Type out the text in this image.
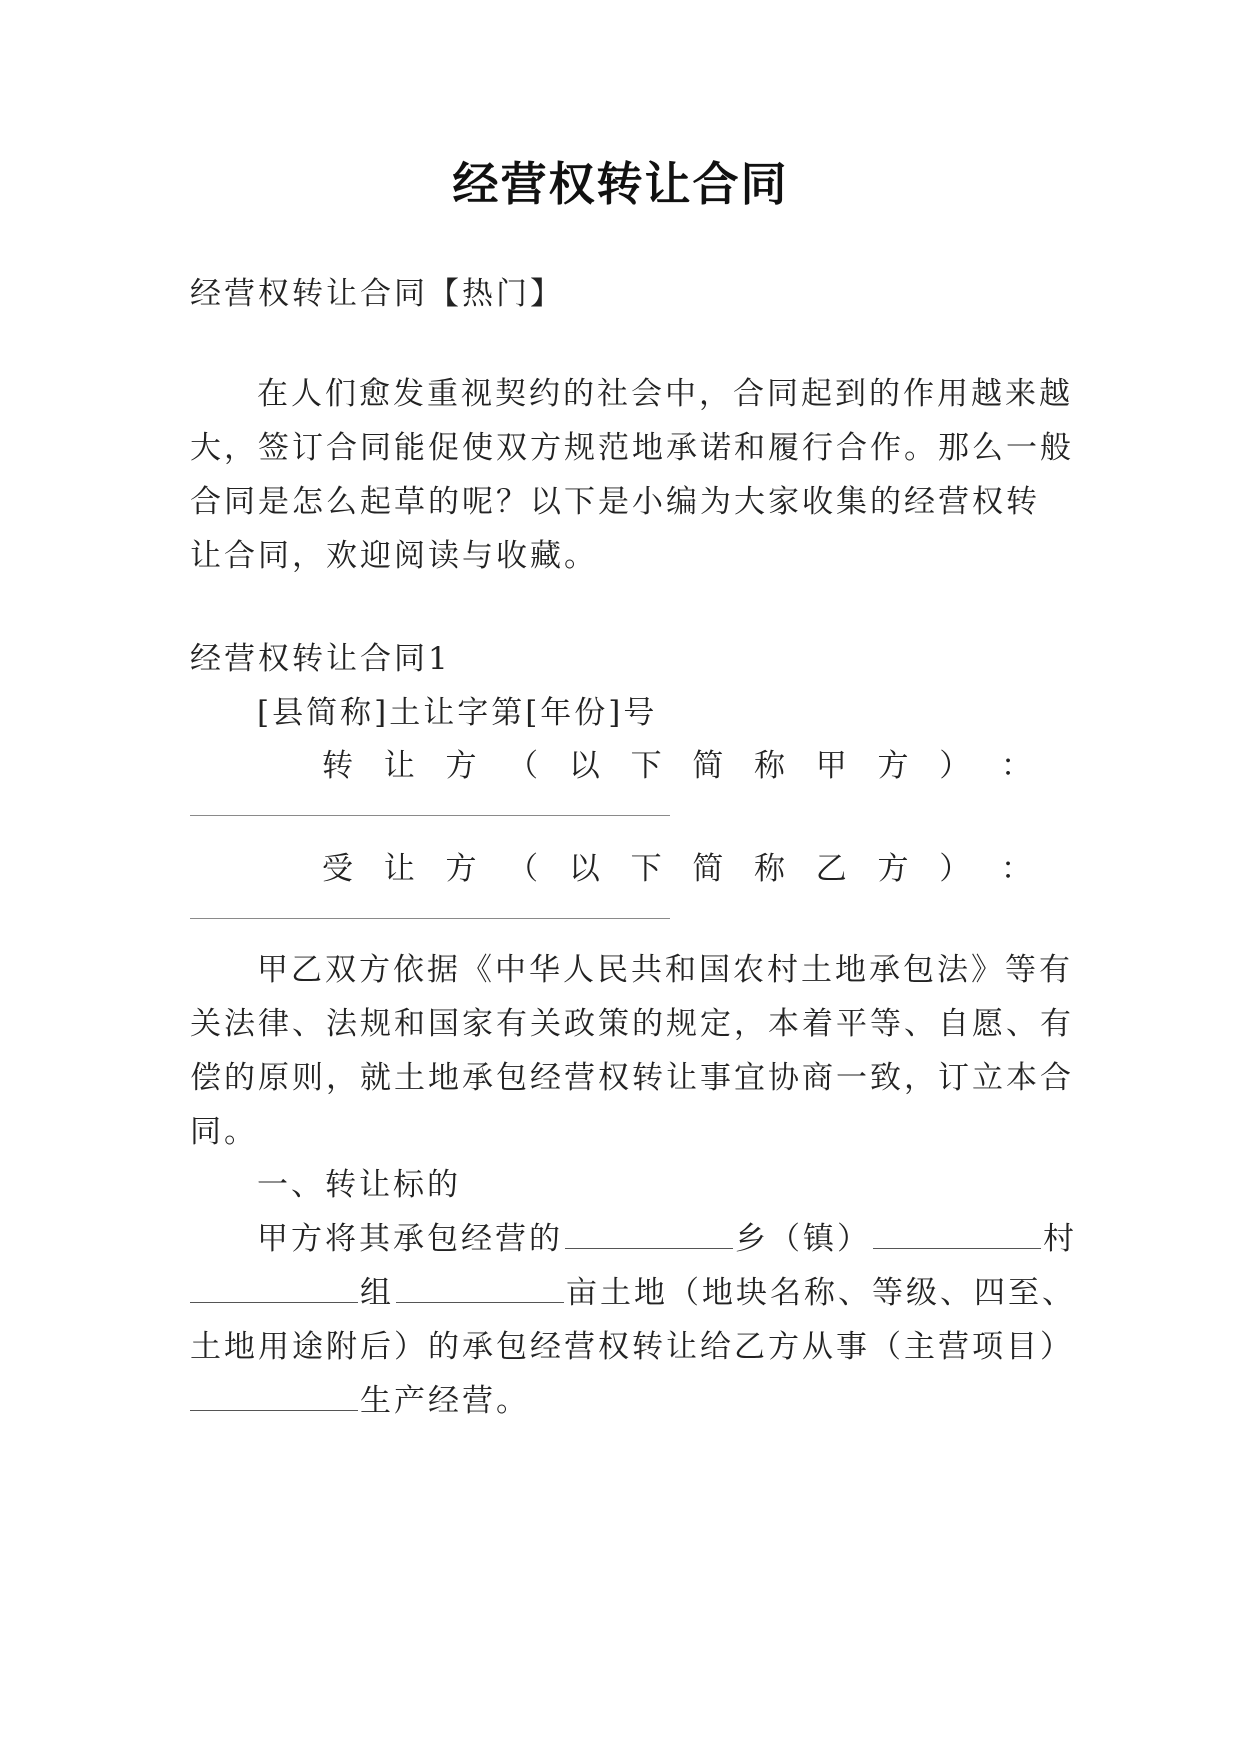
经营权转让合同
经营权转让合同【热门】
在人们愈发重视契约的社会中，合同起到的作用越来越
大，签订合同能促使双方规范地承诺和履行合作。那么一般
合同是怎么起草的呢？以下是小编为大家收集的经营权转
让合同，欢迎阅读与收藏。
经营权转让合同1
[县简称]土让字第[年份]号
转 让 方 （ 以 下 简 称 甲 方 ） ：
受 让 方 （ 以 下 简 称 乙 方 ） ：
甲乙双方依据《中华人民共和国农村土地承包法》等有
关法律、法规和国家有关政策的规定，本着平等、自愿、有
偿的原则，就土地承包经营权转让事宜协商一致，订立本合
同。
一、转让标的
甲方将其承包经营的	乡（镇）	村
组	亩土地（地块名称、等级、四至、
土地用途附后）的承包经营权转让给乙方从事（主营项目）
生产经营。
